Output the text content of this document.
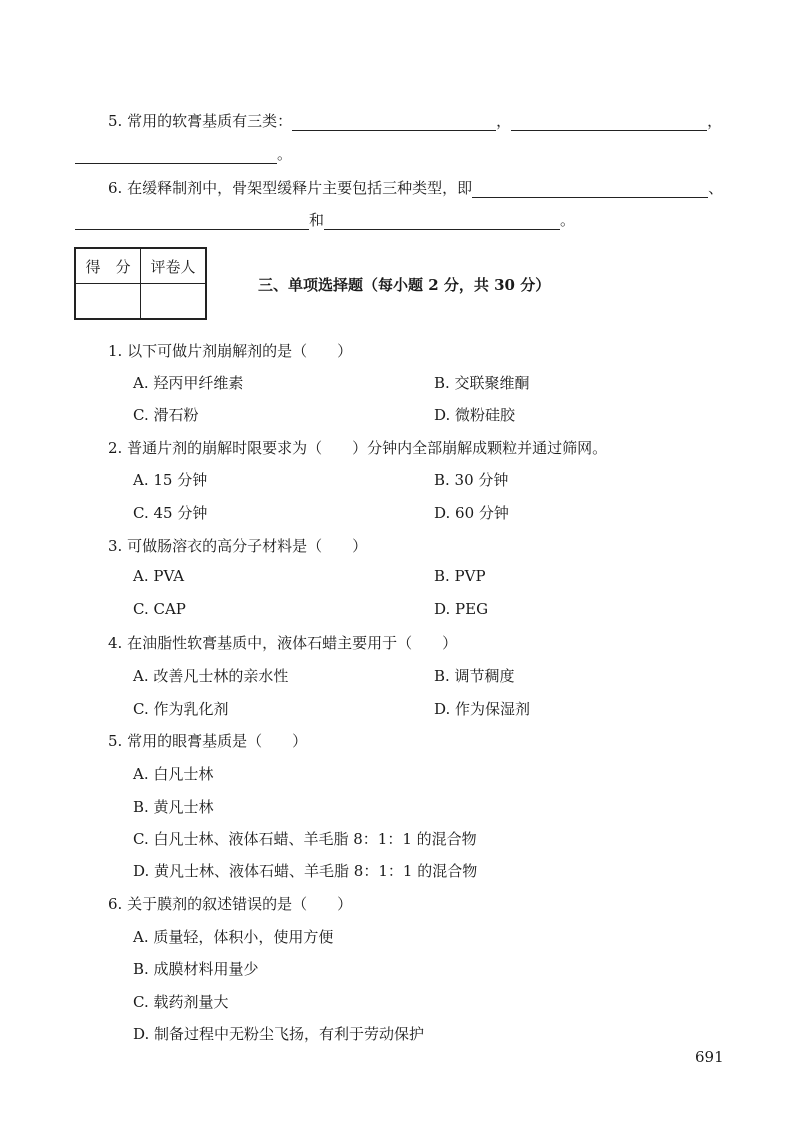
5. 常用的软膏基质有三类：	，	，
。
6. 在缓释制剂中，骨架型缓释片主要包括三种类型，即	、
和	。
得　分	评卷人

三、单项选择题（每小题 2 分，共 30 分）
1. 以下可做片剂崩解剂的是（　　）
A. 羟丙甲纤维素	B. 交联聚维酮
C. 滑石粉	D. 微粉硅胶
2. 普通片剂的崩解时限要求为（　　）分钟内全部崩解成颗粒并通过筛网。
A. 15 分钟	B. 30 分钟
C. 45 分钟	D. 60 分钟
3. 可做肠溶衣的高分子材料是（　　）
A. PVA	B. PVP
C. CAP	D. PEG
4. 在油脂性软膏基质中，液体石蜡主要用于（　　）
A. 改善凡士林的亲水性	B. 调节稠度
C. 作为乳化剂	D. 作为保湿剂
5. 常用的眼膏基质是（　　）
A. 白凡士林
B. 黄凡士林
C. 白凡士林、液体石蜡、羊毛脂 8：1：1 的混合物
D. 黄凡士林、液体石蜡、羊毛脂 8：1：1 的混合物
6. 关于膜剂的叙述错误的是（　　）
A. 质量轻，体积小，使用方便
B. 成膜材料用量少
C. 载药剂量大
D. 制备过程中无粉尘飞扬，有利于劳动保护
691
